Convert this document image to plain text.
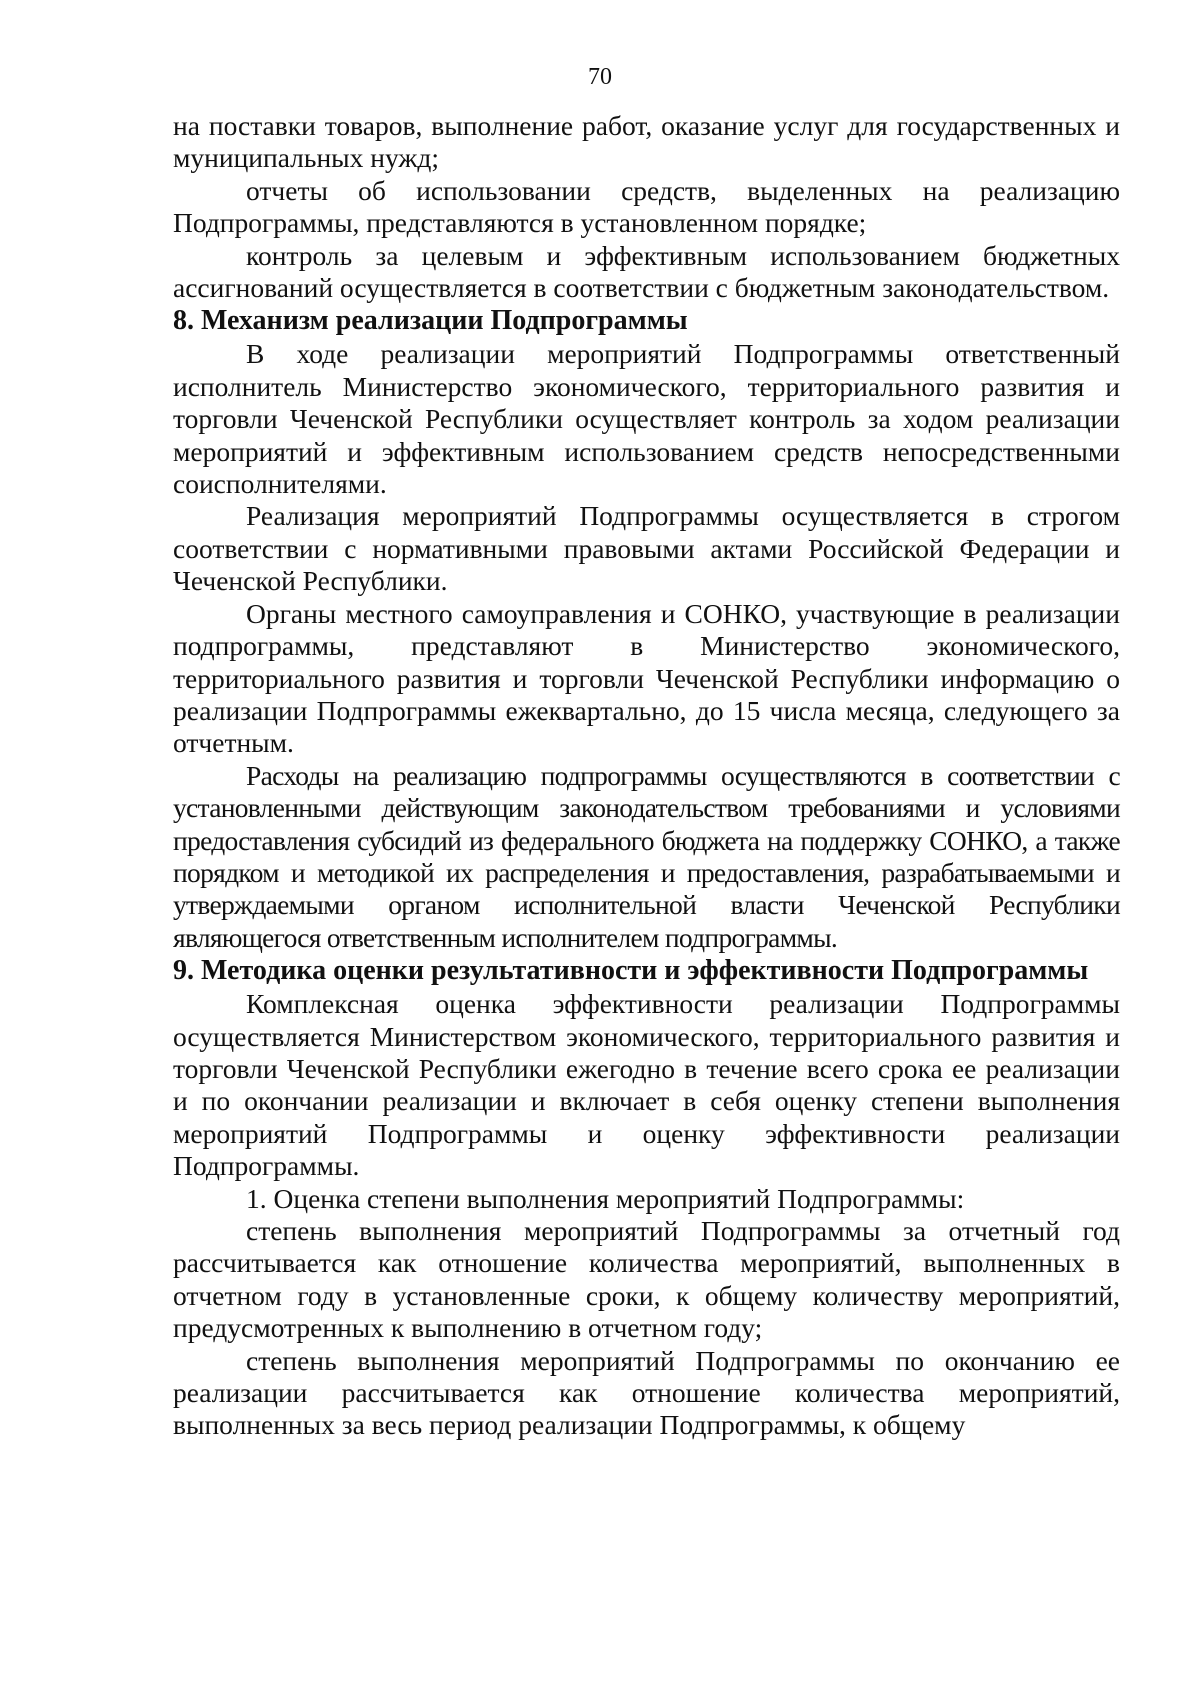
70

на поставки товаров, выполнение работ, оказание услуг для государственных и муниципальных нужд;

отчеты об использовании средств, выделенных на реализацию Подпрограммы, представляются в установленном порядке;

контроль за целевым и эффективным использованием бюджетных ассигнований осуществляется в соответствии с бюджетным законодательством.

8. Механизм реализации Подпрограммы

В ходе реализации мероприятий Подпрограммы ответственный исполнитель Министерство экономического, территориального развития и торговли Чеченской Республики осуществляет контроль за ходом реализации мероприятий и эффективным использованием средств непосредственными соисполнителями.

Реализация мероприятий Подпрограммы осуществляется в строгом соответствии с нормативными правовыми актами Российской Федерации и Чеченской Республики.

Органы местного самоуправления и СОНКО, участвующие в реализации подпрограммы, представляют в Министерство экономического, территориального развития и торговли Чеченской Республики информацию о реализации Подпрограммы ежеквартально, до 15 числа месяца, следующего за отчетным.

Расходы на реализацию подпрограммы осуществляются в соответствии с установленными действующим законодательством требованиями и условиями предоставления субсидий из федерального бюджета на поддержку СОНКО, а также порядком и методикой их распределения и предоставления, разрабатываемыми и утверждаемыми органом исполнительной власти Чеченской Республики являющегося ответственным исполнителем подпрограммы.

9. Методика оценки результативности и эффективности Подпрограммы

Комплексная оценка эффективности реализации Подпрограммы осуществляется Министерством экономического, территориального развития и торговли Чеченской Республики ежегодно в течение всего срока ее реализации и по окончании реализации и включает в себя оценку степени выполнения мероприятий Подпрограммы и оценку эффективности реализации Подпрограммы.

1. Оценка степени выполнения мероприятий Подпрограммы:

степень выполнения мероприятий Подпрограммы за отчетный год рассчитывается как отношение количества мероприятий, выполненных в отчетном году в установленные сроки, к общему количеству мероприятий, предусмотренных к выполнению в отчетном году;

степень выполнения мероприятий Подпрограммы по окончанию ее реализации рассчитывается как отношение количества мероприятий, выполненных за весь период реализации Подпрограммы, к общему
